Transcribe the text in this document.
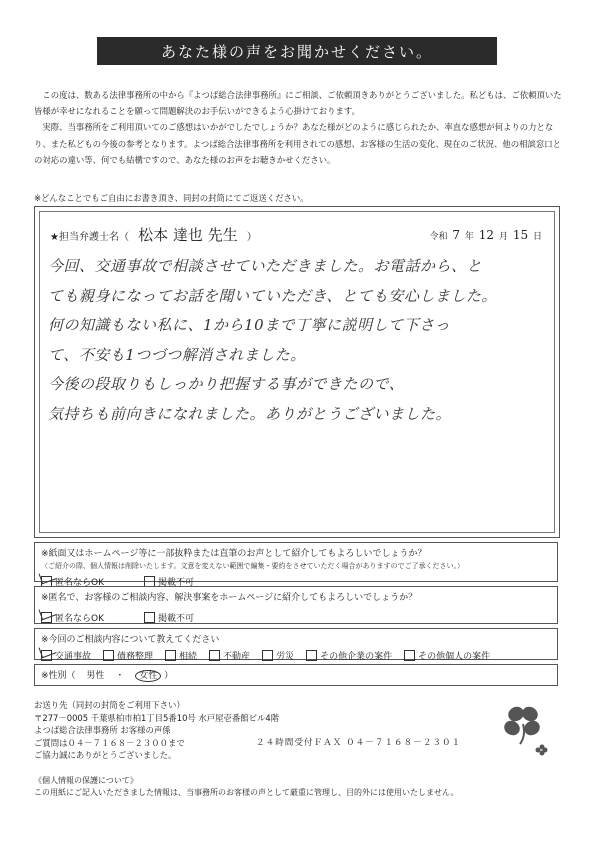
あなた様の声をお聞かせください。

この度は、数ある法律事務所の中から『よつば総合法律事務所』にご相談、ご依頼頂きありがとうございました。私どもは、ご依頼頂いた皆様が幸せになれることを願って問題解決のお手伝いができるよう心掛けております。

実際、当事務所をご利用頂いてのご感想はいかがでしたでしょうか？あなた様がどのように感じられたか、率直な感想が何よりの力となり、また私どもの今後の参考となります。よつば総合法律事務所を利用されての感想、お客様の生活の変化、現在のご状況、他の相談窓口との対応の違い等、何でも結構ですので、あなた様のお声をお聴きかせください。

※どんなことでもご自由にお書き頂き、同封の封筒にてご返送ください。
★担当弁護士名（ 松本 達也 先生 ）	令和 7 年 12 月 15 日
今回、交通事故で相談させていただきました。お電話から、と
ても親身になってお話を聞いていただき、とても安心しました。
何の知識もない私に、1から10まで丁寧に説明して下さっ
て、不安も1つづつ解消されました。
今後の段取りもしっかり把握する事ができたので、
気持ちも前向きになれました。ありがとうございました。
※紙面又はホームページ等に一部抜粋または直筆のお声として紹介してもよろしいでしょうか？
（ご紹介の際、個人情報は削除いたします。文意を変えない範囲で編集・要約をさせていただく場合がありますのでご了承ください。）
匿名ならOK	掲載不可
※匿名で、お客様のご相談内容、解決事案をホームページに紹介してもよろしいでしょうか？
匿名ならOK	掲載不可
※今回のご相談内容について教えてください
交通事故	債務整理	相続	不動産	労災	その他企業の案件	その他個人の案件
※性別（ 男性 ・ 女性 ）
お送り先（同封の封筒をご利用下さい）
〒277－0005 千葉県柏市柏1丁目5番10号 水戸屋壱番館ビル4階
よつば総合法律事務所 お客様の声係
ご質問は０４－７１６８－２３００まで
ご協力誠にありがとうございました。
２４時間受付ＦＡＸ ０４－７１６８－２３０１
《個人情報の保護について》
この用紙にご記入いただきました情報は、当事務所のお客様の声として厳重に管理し、目的外には使用いたしません。
